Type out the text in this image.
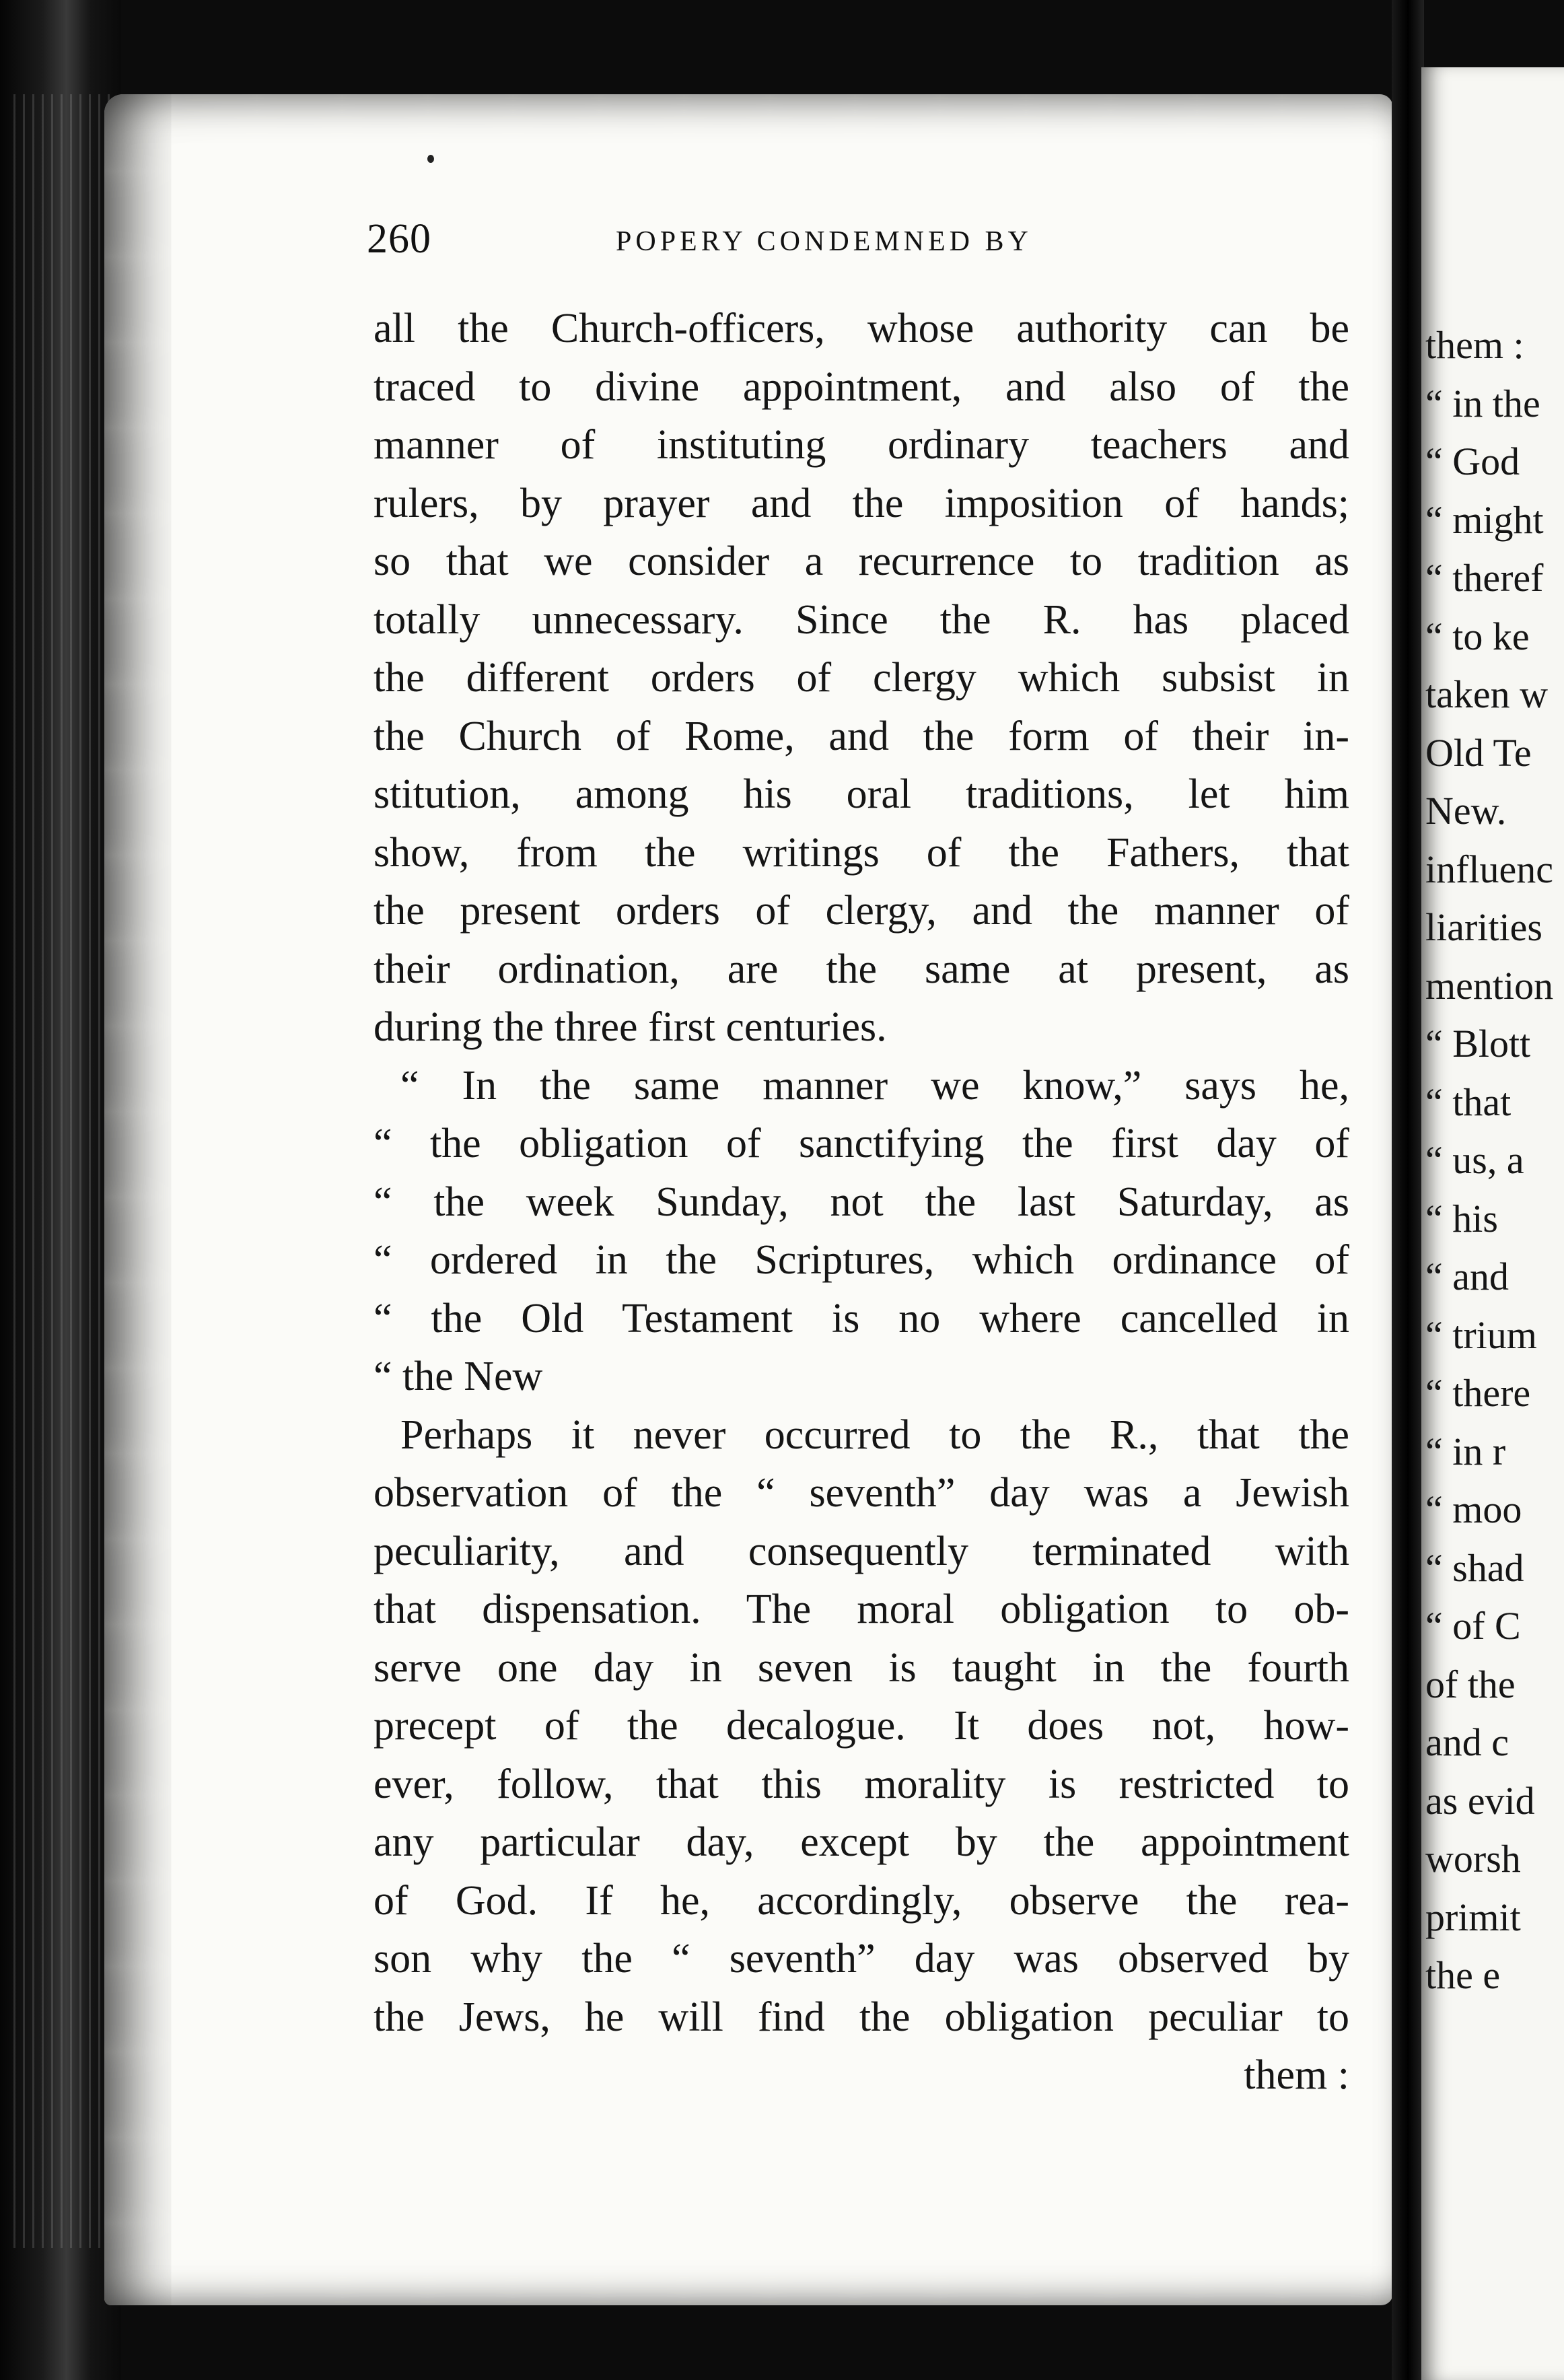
260	POPERY CONDEMNED BY
all the Church-officers, whose authority can be
traced to divine appointment, and also of the
manner of instituting ordinary teachers and
rulers, by prayer and the imposition of hands;
so that we consider a recurrence to tradition as
totally unnecessary. Since the R. has placed
the different orders of clergy which subsist in
the Church of Rome, and the form of their in-
stitution, among his oral traditions, let him
show, from the writings of the Fathers, that
the present orders of clergy, and the manner of
their ordination, are the same at present, as
during the three first centuries.
“ In the same manner we know,” says he,
“ the obligation of sanctifying the first day of
“ the week Sunday, not the last Saturday, as
“ ordered in the Scriptures, which ordinance of
“ the Old Testament is no where cancelled in
“ the New
Perhaps it never occurred to the R., that the
observation of the “ seventh” day was a Jewish
peculiarity, and consequently terminated with
that dispensation. The moral obligation to ob-
serve one day in seven is taught in the fourth
precept of the decalogue. It does not, how-
ever, follow, that this morality is restricted to
any particular day, except by the appointment
of God. If he, accordingly, observe the rea-
son why the “ seventh” day was observed by
the Jews, he will find the obligation peculiar to
them :
them :
“ in the
“ God
“ might
“ theref
“ to ke
taken w
Old Te
New.
influenc
liarities
mention
“ Blott
“ that
“ us, a
“ his
“ and
“ trium
“ there
“ in r
“ moo
“ shad
“ of C
of the
and c
as evid
worsh
primit
the e
